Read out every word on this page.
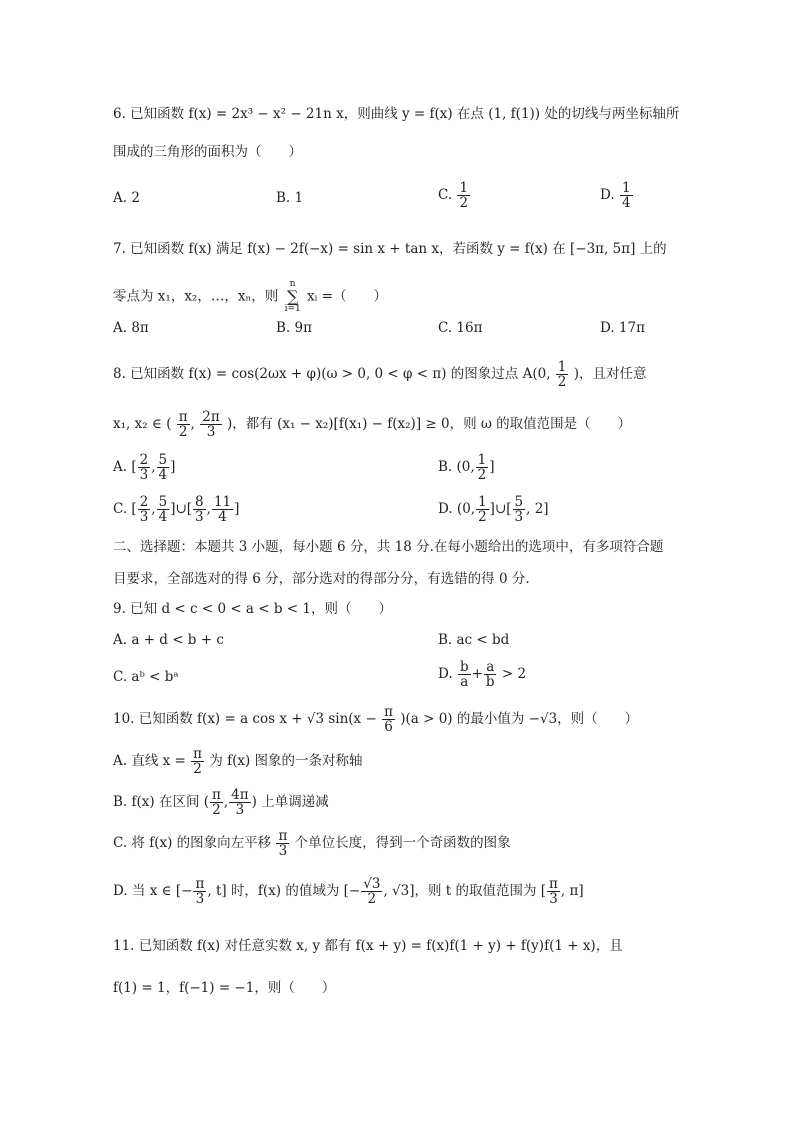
6. 已知函数 f(x) = 2x³ − x² − 21n x，则曲线 y = f(x) 在点 (1, f(1)) 处的切线与两坐标轴所
围成的三角形的面积为（　　）
A. 2	B. 1	C. $\frac{1}{2}$	D. $\frac{1}{4}$
7. 已知函数 f(x) 满足 f(x) − 2f(−x) = sin x + tan x，若函数 y = f(x) 在 [−3π, 5π] 上的
零点为 x₁，x₂，…，xₙ，则
n
∑
i=1
xᵢ =（　　）
A. 8π	B. 9π	C. 16π	D. 17π
8. 已知函数 f(x) = cos(2ωx + φ)(ω > 0, 0 < φ < π) 的图象过点 A(0, $\frac{1}{2}$ )，且对任意
x₁, x₂ ∈ ( $\frac{\pi}{2}$ , $\frac{2\pi}{3}$ )，都有 (x₁ − x₂)[f(x₁) − f(x₂)] ≥ 0，则 ω 的取值范围是（　　）
A. [ $\frac{2}{3}$ , $\frac{5}{4}$ ]	B. (0, $\frac{1}{2}$ ]
C. [ $\frac{2}{3}$ , $\frac{5}{4}$ ]∪[ $\frac{8}{3}$ , $\frac{11}{4}$ ]	D. (0, $\frac{1}{2}$ ]∪[ $\frac{5}{3}$ , 2]
二、选择题：本题共 3 小题，每小题 6 分，共 18 分.在每小题给出的选项中，有多项符合题
目要求，全部选对的得 6 分，部分选对的得部分分，有选错的得 0 分.
9. 已知 d < c < 0 < a < b < 1，则（　　）
A. a + d < b + c	B. ac < bd
C. aᵇ < bᵃ	D. $\frac{b}{a} + \frac{a}{b} > 2$
10. 已知函数 f(x) = a cos x + √3 $\sin(x - \frac{\pi}{6} )(a > 0)$ 的最小值为 −√3，则（　　）
A. 直线 $x = \frac{\pi}{2}$ 为 f(x) 图象的一条对称轴
B. f(x) 在区间 ( $\frac{\pi}{2}$ , $\frac{4\pi}{3}$ ) 上单调递减
C. 将 f(x) 的图象向左平移 $\frac{\pi}{3}$ 个单位长度，得到一个奇函数的图象
D. 当 x ∈ [− $\frac{\pi}{3}$ , t] 时，f(x) 的值域为 [− $\frac{√3}{2}$ , √3]，则 t 的取值范围为 [ $\frac{\pi}{3}$ , π]
11. 已知函数 f(x) 对任意实数 x, y 都有 f(x + y) = f(x)f(1 + y) + f(y)f(1 + x)，且
f(1) = 1，f(−1) = −1，则（　　）
